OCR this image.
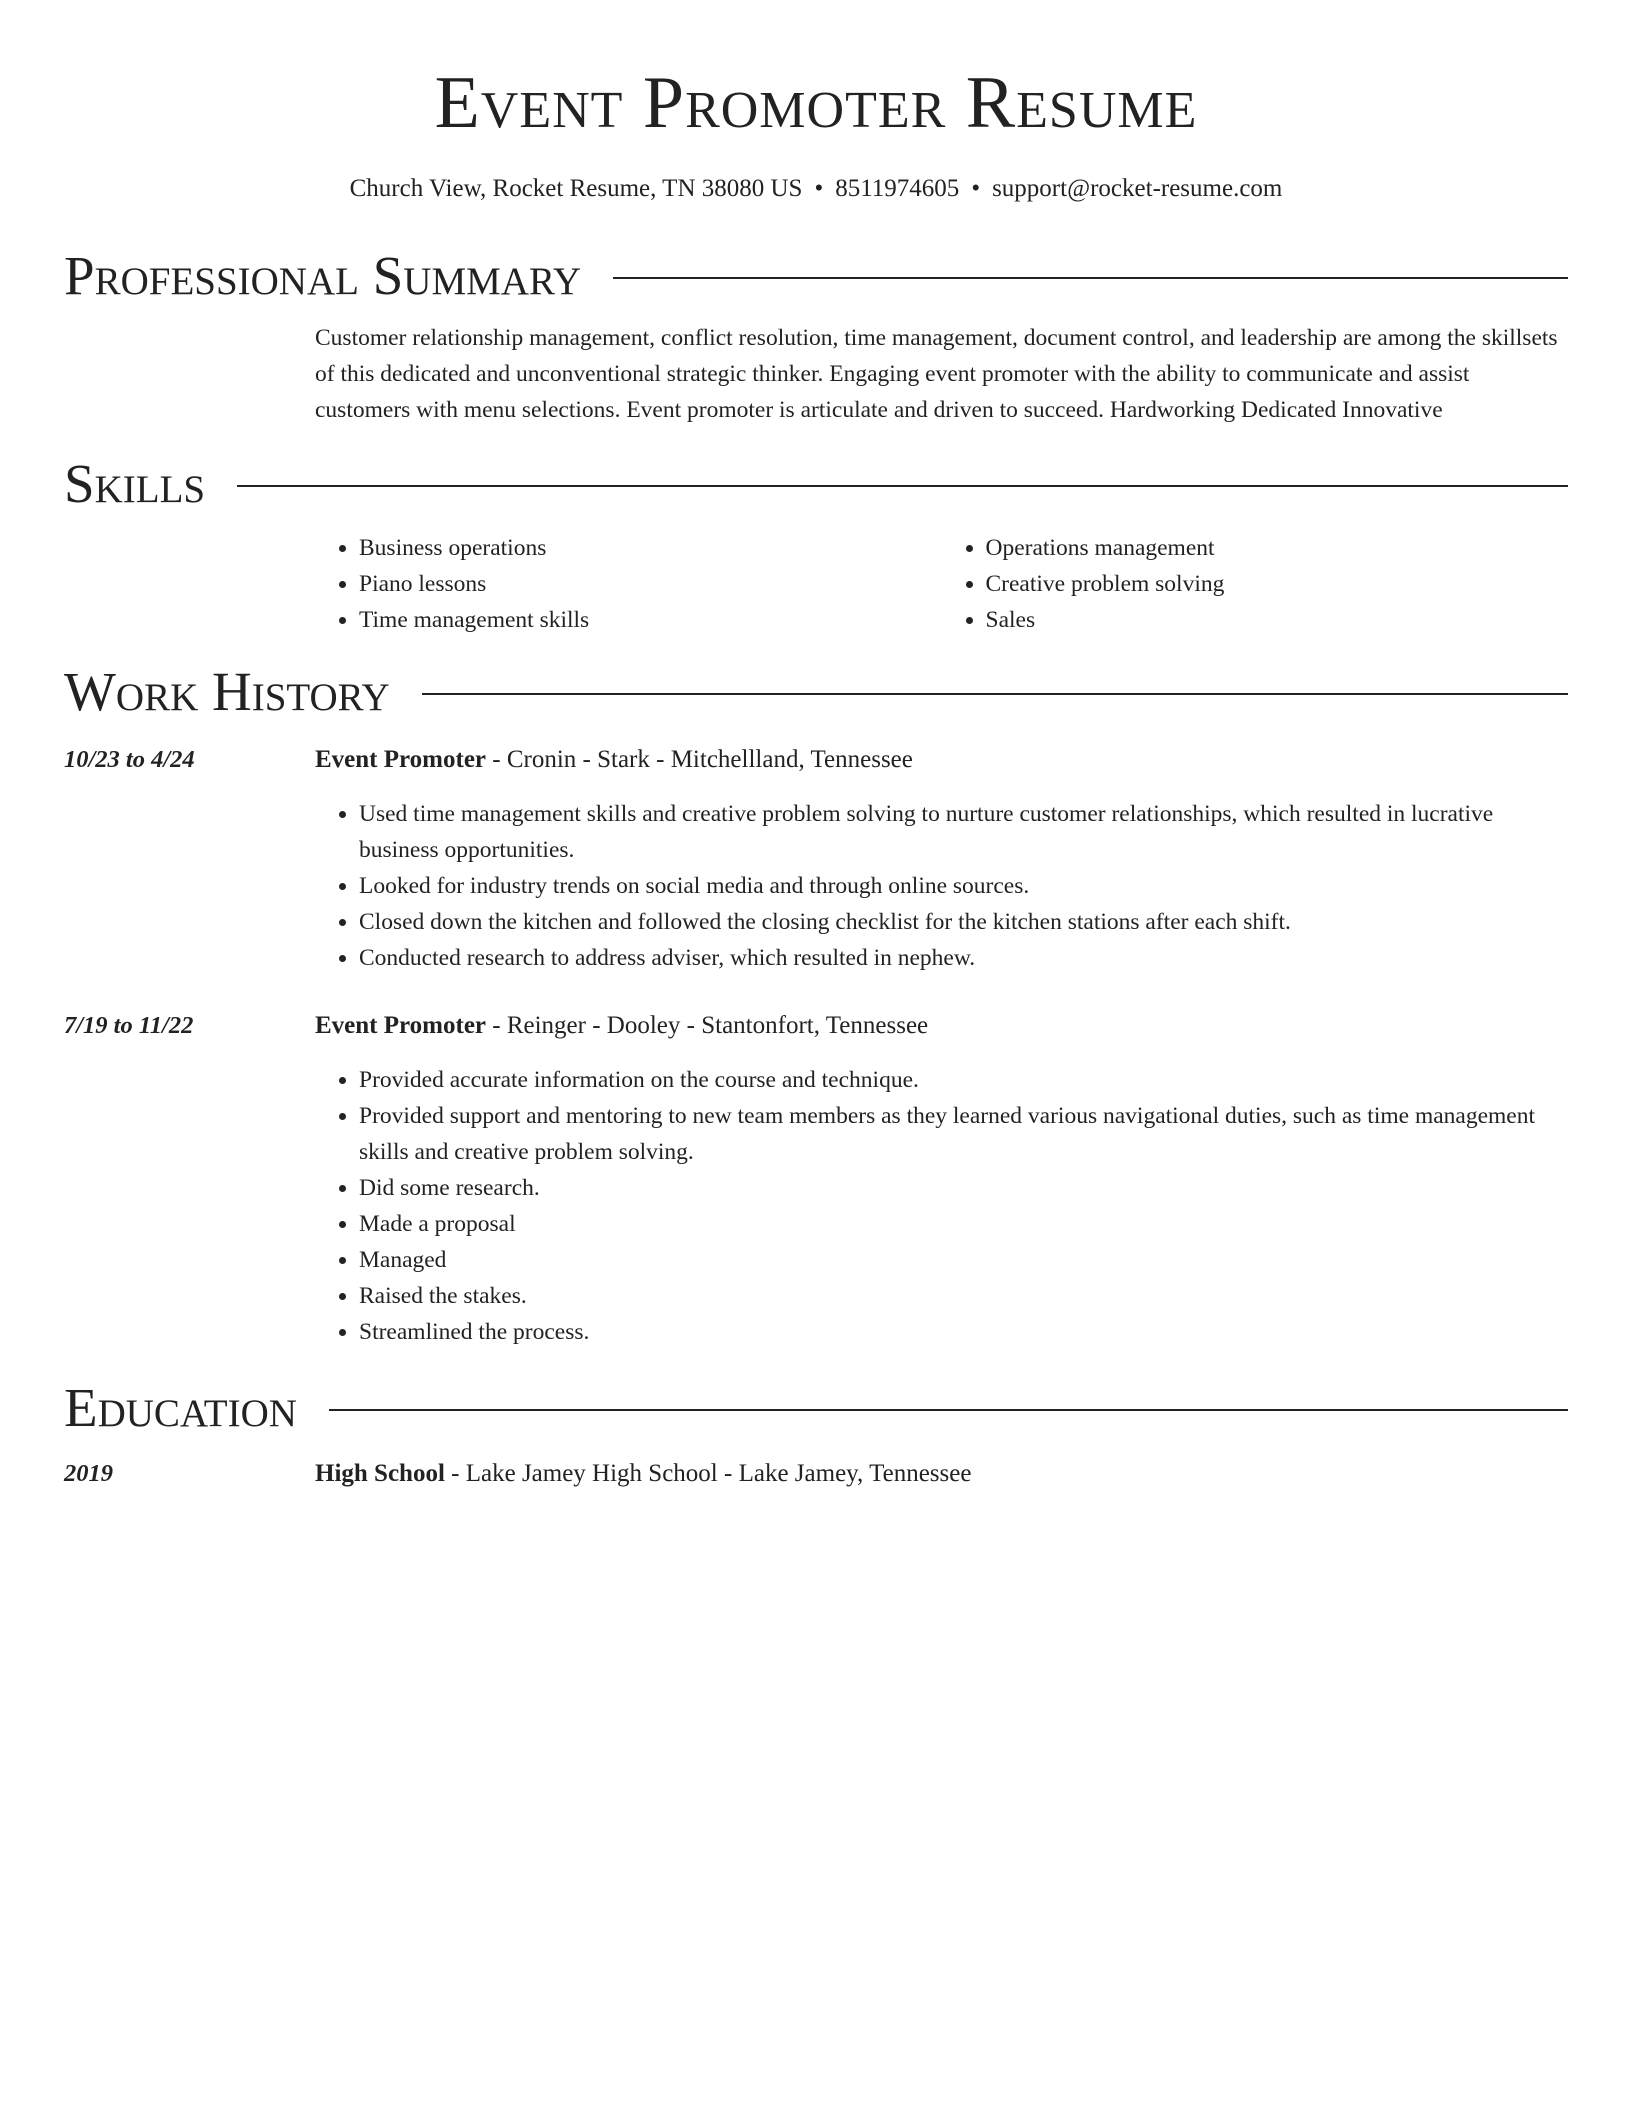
Event Promoter Resume
Church View, Rocket Resume, TN 38080 US • 8511974605 • support@rocket-resume.com
Professional Summary
Customer relationship management, conflict resolution, time management, document control, and leadership are among the skillsets of this dedicated and unconventional strategic thinker. Engaging event promoter with the ability to communicate and assist customers with menu selections. Event promoter is articulate and driven to succeed. Hardworking Dedicated Innovative
Skills
• Business operations
• Piano lessons
• Time management skills
• Operations management
• Creative problem solving
• Sales
Work History
10/23 to 4/24	Event Promoter - Cronin - Stark - Mitchellland, Tennessee
• Used time management skills and creative problem solving to nurture customer relationships, which resulted in lucrative business opportunities.
• Looked for industry trends on social media and through online sources.
• Closed down the kitchen and followed the closing checklist for the kitchen stations after each shift.
• Conducted research to address adviser, which resulted in nephew.
7/19 to 11/22	Event Promoter - Reinger - Dooley - Stantonfort, Tennessee
• Provided accurate information on the course and technique.
• Provided support and mentoring to new team members as they learned various navigational duties, such as time management skills and creative problem solving.
• Did some research.
• Made a proposal
• Managed
• Raised the stakes.
• Streamlined the process.
Education
2019	High School - Lake Jamey High School - Lake Jamey, Tennessee
